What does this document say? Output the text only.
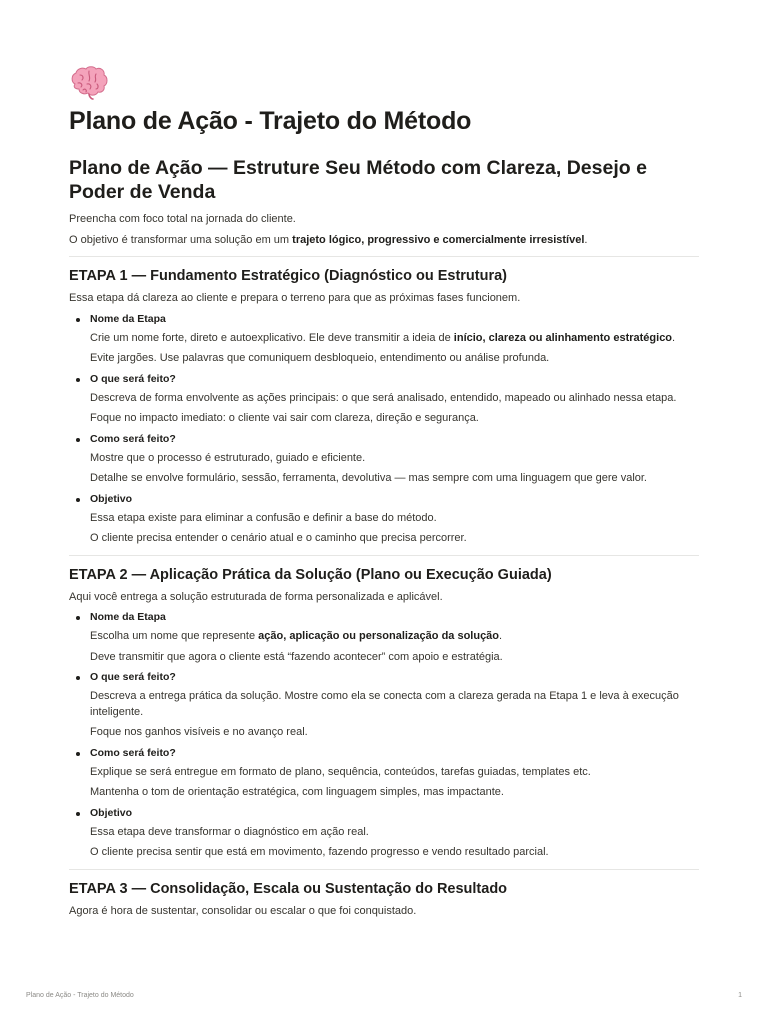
Plano de Ação - Trajeto do Método
Plano de Ação — Estruture Seu Método com Clareza, Desejo e Poder de Venda

Preencha com foco total na jornada do cliente.

O objetivo é transformar uma solução em um trajeto lógico, progressivo e comercialmente irresistível.

ETAPA 1 — Fundamento Estratégico (Diagnóstico ou Estrutura)

Essa etapa dá clareza ao cliente e prepara o terreno para que as próximas fases funcionem.

Nome da Etapa

Crie um nome forte, direto e autoexplicativo. Ele deve transmitir a ideia de início, clareza ou alinhamento estratégico.

Evite jargões. Use palavras que comuniquem desbloqueio, entendimento ou análise profunda.

O que será feito?

Descreva de forma envolvente as ações principais: o que será analisado, entendido, mapeado ou alinhado nessa etapa.

Foque no impacto imediato: o cliente vai sair com clareza, direção e segurança.

Como será feito?

Mostre que o processo é estruturado, guiado e eficiente.

Detalhe se envolve formulário, sessão, ferramenta, devolutiva — mas sempre com uma linguagem que gere valor.

Objetivo

Essa etapa existe para eliminar a confusão e definir a base do método.

O cliente precisa entender o cenário atual e o caminho que precisa percorrer.

ETAPA 2 — Aplicação Prática da Solução (Plano ou Execução Guiada)

Aqui você entrega a solução estruturada de forma personalizada e aplicável.

Nome da Etapa

Escolha um nome que represente ação, aplicação ou personalização da solução.

Deve transmitir que agora o cliente está “fazendo acontecer” com apoio e estratégia.

O que será feito?

Descreva a entrega prática da solução. Mostre como ela se conecta com a clareza gerada na Etapa 1 e leva à execução inteligente.

Foque nos ganhos visíveis e no avanço real.

Como será feito?

Explique se será entregue em formato de plano, sequência, conteúdos, tarefas guiadas, templates etc.

Mantenha o tom de orientação estratégica, com linguagem simples, mas impactante.

Objetivo

Essa etapa deve transformar o diagnóstico em ação real.

O cliente precisa sentir que está em movimento, fazendo progresso e vendo resultado parcial.

ETAPA 3 — Consolidação, Escala ou Sustentação do Resultado

Agora é hora de sustentar, consolidar ou escalar o que foi conquistado.

Plano de Ação - Trajeto do Método	1
